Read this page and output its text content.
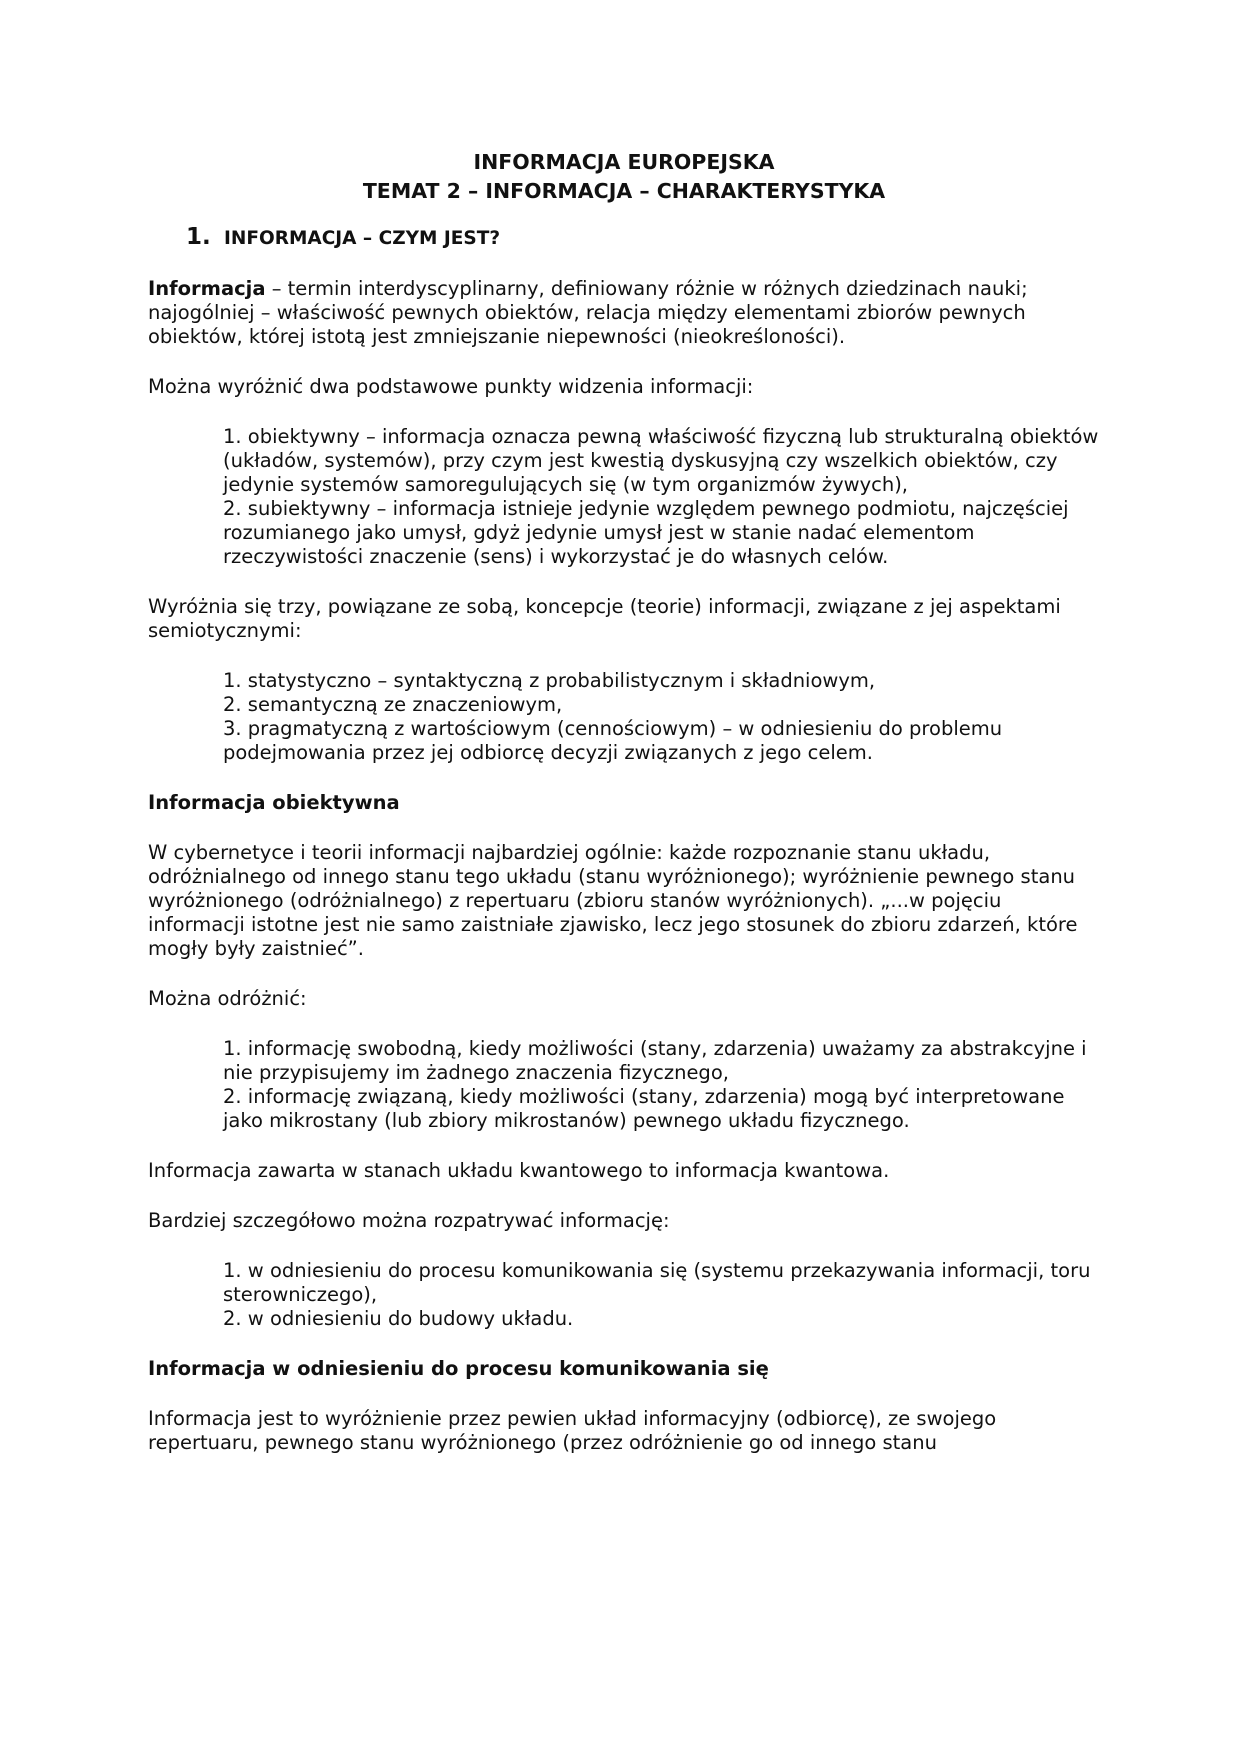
INFORMACJA EUROPEJSKA

TEMAT 2 – INFORMACJA – CHARAKTERYSTYKA

1. INFORMACJA – CZYM JEST?

Informacja – termin interdyscyplinarny, definiowany różnie w różnych dziedzinach nauki; najogólniej – właściwość pewnych obiektów, relacja między elementami zbiorów pewnych obiektów, której istotą jest zmniejszanie niepewności (nieokreśloności).

Można wyróżnić dwa podstawowe punkty widzenia informacji:

1. obiektywny – informacja oznacza pewną właściwość fizyczną lub strukturalną obiektów (układów, systemów), przy czym jest kwestią dyskusyjną czy wszelkich obiektów, czy jedynie systemów samoregulujących się (w tym organizmów żywych),

2. subiektywny – informacja istnieje jedynie względem pewnego podmiotu, najczęściej rozumianego jako umysł, gdyż jedynie umysł jest w stanie nadać elementom rzeczywistości znaczenie (sens) i wykorzystać je do własnych celów.

Wyróżnia się trzy, powiązane ze sobą, koncepcje (teorie) informacji, związane z jej aspektami semiotycznymi:

1. statystyczno – syntaktyczną z probabilistycznym i składniowym,

2. semantyczną ze znaczeniowym,

3. pragmatyczną z wartościowym (cennościowym) – w odniesieniu do problemu podejmowania przez jej odbiorcę decyzji związanych z jego celem.

Informacja obiektywna

W cybernetyce i teorii informacji najbardziej ogólnie: każde rozpoznanie stanu układu, odróżnialnego od innego stanu tego układu (stanu wyróżnionego); wyróżnienie pewnego stanu wyróżnionego (odróżnialnego) z repertuaru (zbioru stanów wyróżnionych). „...w pojęciu informacji istotne jest nie samo zaistniałe zjawisko, lecz jego stosunek do zbioru zdarzeń, które mogły były zaistnieć”.

Można odróżnić:

1. informację swobodną, kiedy możliwości (stany, zdarzenia) uważamy za abstrakcyjne i nie przypisujemy im żadnego znaczenia fizycznego,

2. informację związaną, kiedy możliwości (stany, zdarzenia) mogą być interpretowane jako mikrostany (lub zbiory mikrostanów) pewnego układu fizycznego.

Informacja zawarta w stanach układu kwantowego to informacja kwantowa.

Bardziej szczegółowo można rozpatrywać informację:

1. w odniesieniu do procesu komunikowania się (systemu przekazywania informacji, toru sterowniczego),

2. w odniesieniu do budowy układu.

Informacja w odniesieniu do procesu komunikowania się

Informacja jest to wyróżnienie przez pewien układ informacyjny (odbiorcę), ze swojego repertuaru, pewnego stanu wyróżnionego (przez odróżnienie go od innego stanu
